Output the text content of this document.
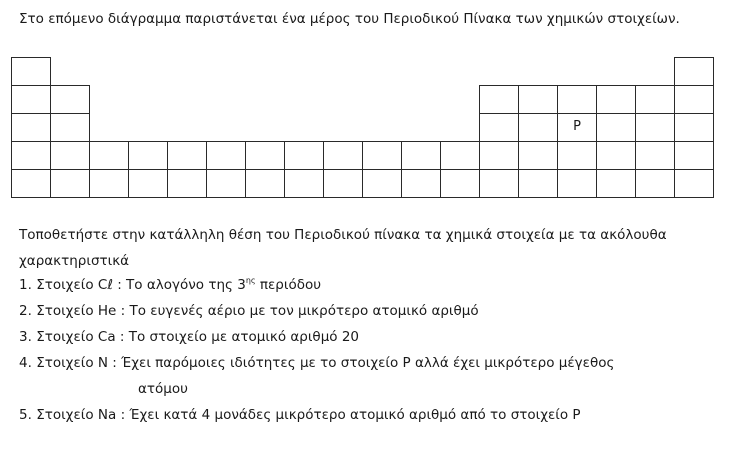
Στο επόμενο διάγραμμα παριστάνεται ένα μέρος του Περιοδικού Πίνακα των χημικών στοιχείων.

P

Τοποθετήστε στην κατάλληλη θέση του Περιοδικού πίνακα τα χημικά στοιχεία με τα ακόλουθα χαρακτηριστικά

1. Στοιχείο Cℓ : Το αλογόνο της $3^{\eta\varsigma}$ περιόδου
2. Στοιχείο He : Το ευγενές αέριο με τον μικρότερο ατομικό αριθμό
3. Στοιχείο Ca : Το στοιχείο με ατομικό αριθμό 20
4. Στοιχείο N : Έχει παρόμοιες ιδιότητες με το στοιχείο P αλλά έχει μικρότερο μέγεθος
ατόμου
5. Στοιχείο Na : Έχει κατά 4 μονάδες μικρότερο ατομικό αριθμό από το στοιχείο P
